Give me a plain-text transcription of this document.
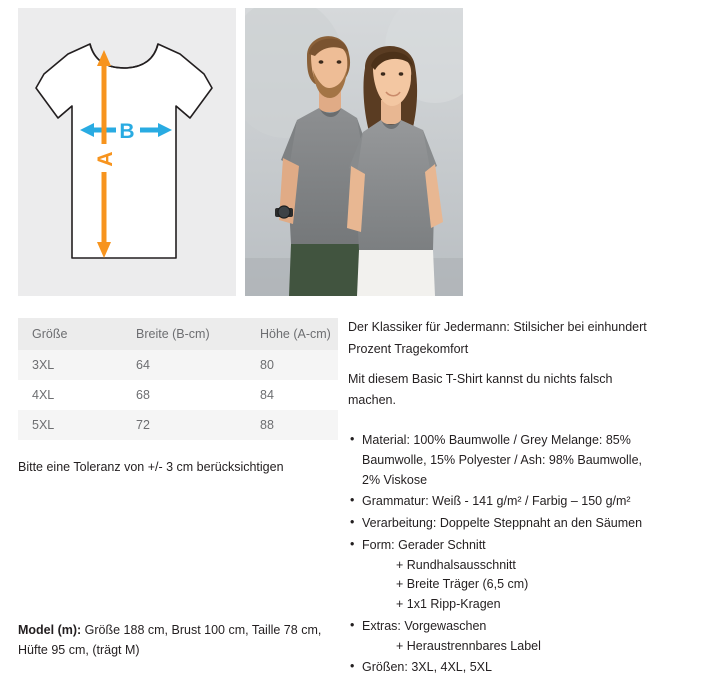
B
A
Größe	Breite (B-cm)	Höhe (A-cm)
3XL	64	80
4XL	68	84
5XL	72	88
Bitte eine Toleranz von +/- 3 cm berücksichtigen

Der Klassiker für Jedermann: Stilsicher bei einhundert

Prozent Tragekomfort

Mit diesem Basic T-Shirt kannst du nichts falsch

machen.

• Material: 100% Baumwolle / Grey Melange: 85%
Baumwolle, 15% Polyester / Ash: 98% Baumwolle,
2% Viskose
• Grammatur: Weiß - 141 g/m² / Farbig – 150 g/m²
• Verarbeitung: Doppelte Steppnaht an den Säumen
• Form: Gerader Schnitt
+ Rundhalsausschnitt
+ Breite Träger (6,5 cm)
+ 1x1 Ripp-Kragen
• Extras: Vorgewaschen
+ Heraustrennbares Label
• Größen: 3XL, 4XL, 5XL
Model (m): Größe 188 cm, Brust 100 cm, Taille 78 cm,
Hüfte 95 cm, (trägt M)
